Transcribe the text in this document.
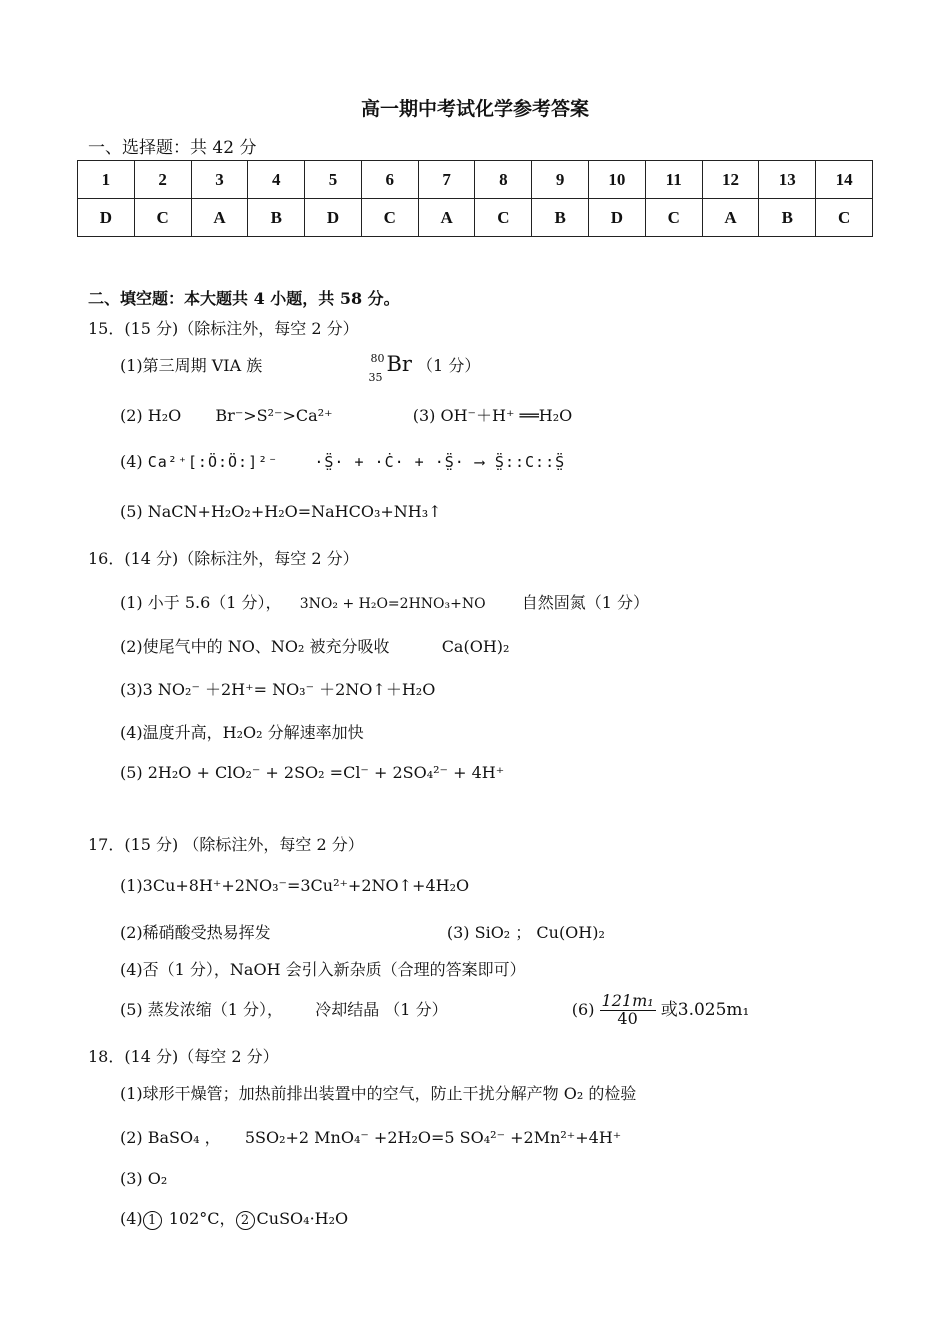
高一期中考试化学参考答案
一、选择题：共 42 分
1	2	3	4	5	6	7	8	9	10	11	12	13	14
D	C	A	B	D	C	A	C	B	D	C	A	B	C
二、填空题：本大题共 4 小题，共 58 分。
15．(15 分)（除标注外，每空 2 分）
(1)第三周期 VIA 族	80
35
Br （1 分）
(2) H₂O Br⁻>S²⁻>Ca²⁺	(3) OH⁻＋H⁺ ══H₂O
(4) Ca²⁺[:Ö:Ö:]²⁻ ·S̤̈· + ·Ċ· + ·S̤̈· ⟶ S̤̈::C::S̤̈
(5) NaCN+H₂O₂+H₂O=NaHCO₃+NH₃↑
16．(14 分)（除标注外，每空 2 分）
(1) 小于 5.6（1 分）， 3NO₂ + H₂O=2HNO₃+NO 自然固氮（1 分）
(2)使尾气中的 NO、NO₂ 被充分吸收	Ca(OH)₂
(3)3 NO₂⁻ ＋2H⁺= NO₃⁻ ＋2NO↑＋H₂O
(4)温度升高，H₂O₂ 分解速率加快
(5) 2H₂O + ClO₂⁻ + 2SO₂ =Cl⁻ + 2SO₄²⁻ + 4H⁺
17．(15 分) （除标注外，每空 2 分）
(1)3Cu+8H⁺+2NO₃⁻=3Cu²⁺+2NO↑+4H₂O
(2)稀硝酸受热易挥发	(3) SiO₂ ； Cu(OH)₂
(4)否（1 分），NaOH 会引入新杂质（合理的答案即可）
(5) 蒸发浓缩（1 分）， 冷却结晶 （1 分）	$(6) \frac{\text{121m₁}}{40}$ 或3.025m₁
18．(14 分)（每空 2 分）
(1)球形干燥管；加热前排出装置中的空气，防止干扰分解产物 O₂ 的检验
(2) BaSO₄ ， 5SO₂+2 MnO₄⁻ +2H₂O=5 SO₄²⁻ +2Mn²⁺+4H⁺
(3) O₂
(4) 1 102°C， 2 CuSO₄·H₂O
